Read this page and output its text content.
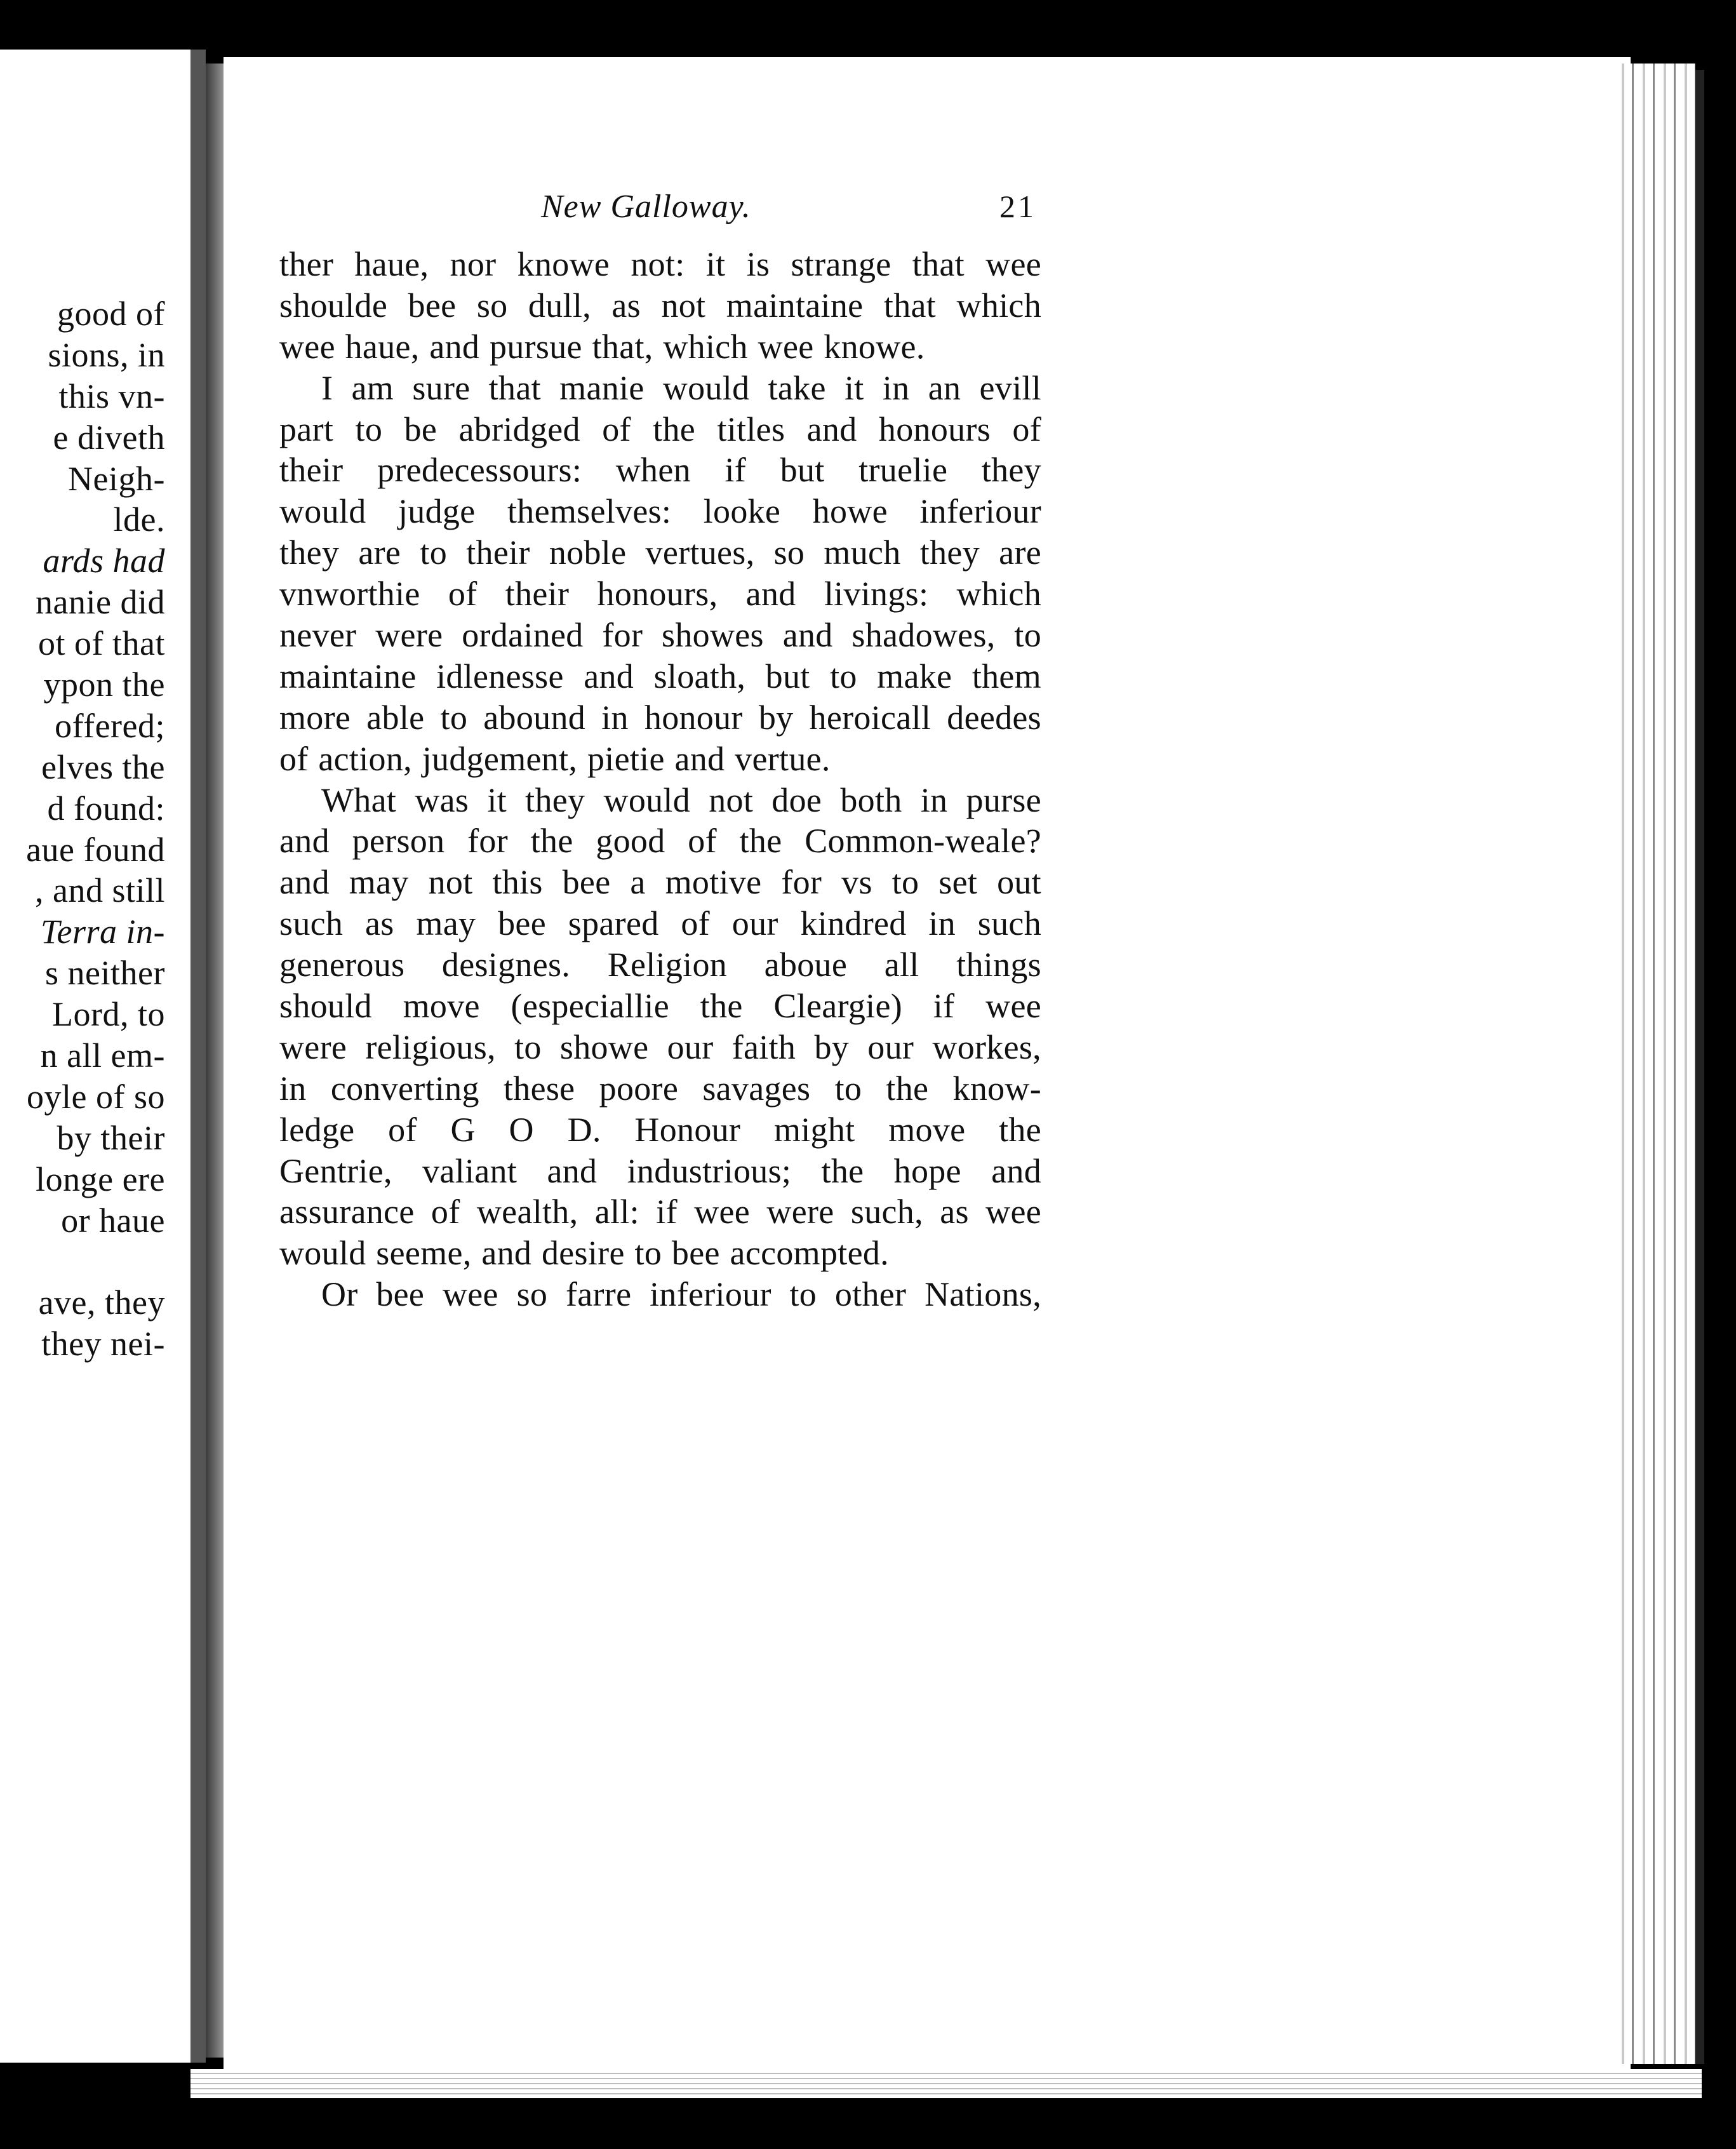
good of
sions, in
this vn-
e diveth
Neigh-
lde.
ards had
nanie did
ot of that
ypon the
offered;
elves the
d found:
aue found
, and still
Terra in-
s neither
Lord, to
n all em-
oyle of so
by their
longe ere
or haue
ave, they
they nei-
New Galloway.	21
ther haue, nor knowe not: it is strange that wee
shoulde bee so dull, as not maintaine that which
wee haue, and pursue that, which wee knowe.
I am sure that manie would take it in an evill
part to be abridged of the titles and honours of
their predecessours: when if but truelie they
would judge themselves: looke howe inferiour
they are to their noble vertues, so much they are
vnworthie of their honours, and livings: which
never were ordained for showes and shadowes, to
maintaine idlenesse and sloath, but to make them
more able to abound in honour by heroicall deedes
of action, judgement, pietie and vertue.
What was it they would not doe both in purse
and person for the good of the Common-weale?
and may not this bee a motive for vs to set out
such as may bee spared of our kindred in such
generous designes. Religion aboue all things
should move (especiallie the Cleargie) if wee
were religious, to showe our faith by our workes,
in converting these poore savages to the know-
ledge of G O D. Honour might move the
Gentrie, valiant and industrious; the hope and
assurance of wealth, all: if wee were such, as wee
would seeme, and desire to bee accompted.
Or bee wee so farre inferiour to other Nations,
